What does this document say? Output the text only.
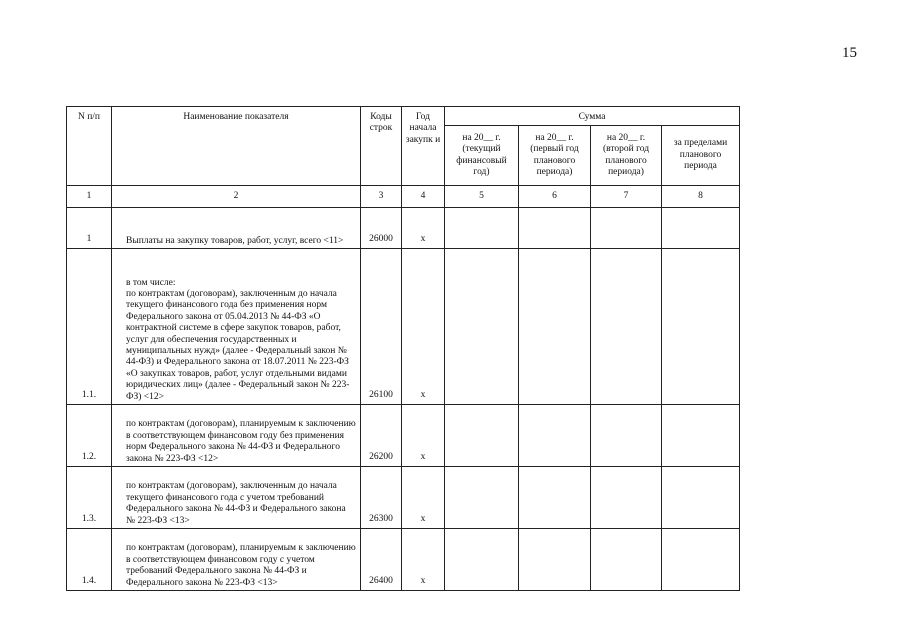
15
N п/п	Наименование показателя	Коды строк	Год начала закупк и	Сумма			
				на 20__ г. (текущий финансовый год)	на 20__ г. (первый год планового периода)	на 20__ г. (второй год планового периода)	за пределами планового периода
1	2	3	4	5	6	7	8
1	Выплаты на закупку товаров, работ, услуг, всего <11>	26000	x				
1.1.	в том числе:
по контрактам (договорам), заключенным до начала текущего финансового года без применения норм Федерального закона от 05.04.2013 № 44-ФЗ «О контрактной системе в сфере закупок товаров, работ, услуг для обеспечения государственных и муниципальных нужд» (далее - Федеральный закон № 44-ФЗ) и Федерального закона от 18.07.2011 № 223-ФЗ «О закупках товаров, работ, услуг отдельными видами юридических лиц» (далее - Федеральный закон № 223-ФЗ) <12>	26100	x				
1.2.	по контрактам (договорам), планируемым к заключению в соответствующем финансовом году без применения норм Федерального закона № 44-ФЗ и Федерального закона № 223-ФЗ <12>	26200	x				
1.3.	по контрактам (договорам), заключенным до начала текущего финансового года с учетом требований Федерального закона № 44-ФЗ и Федерального закона № 223-ФЗ <13>	26300	x				
1.4.	по контрактам (договорам), планируемым к заключению в соответствующем финансовом году с учетом требований Федерального закона № 44-ФЗ и Федерального закона № 223-ФЗ <13>	26400	x				
